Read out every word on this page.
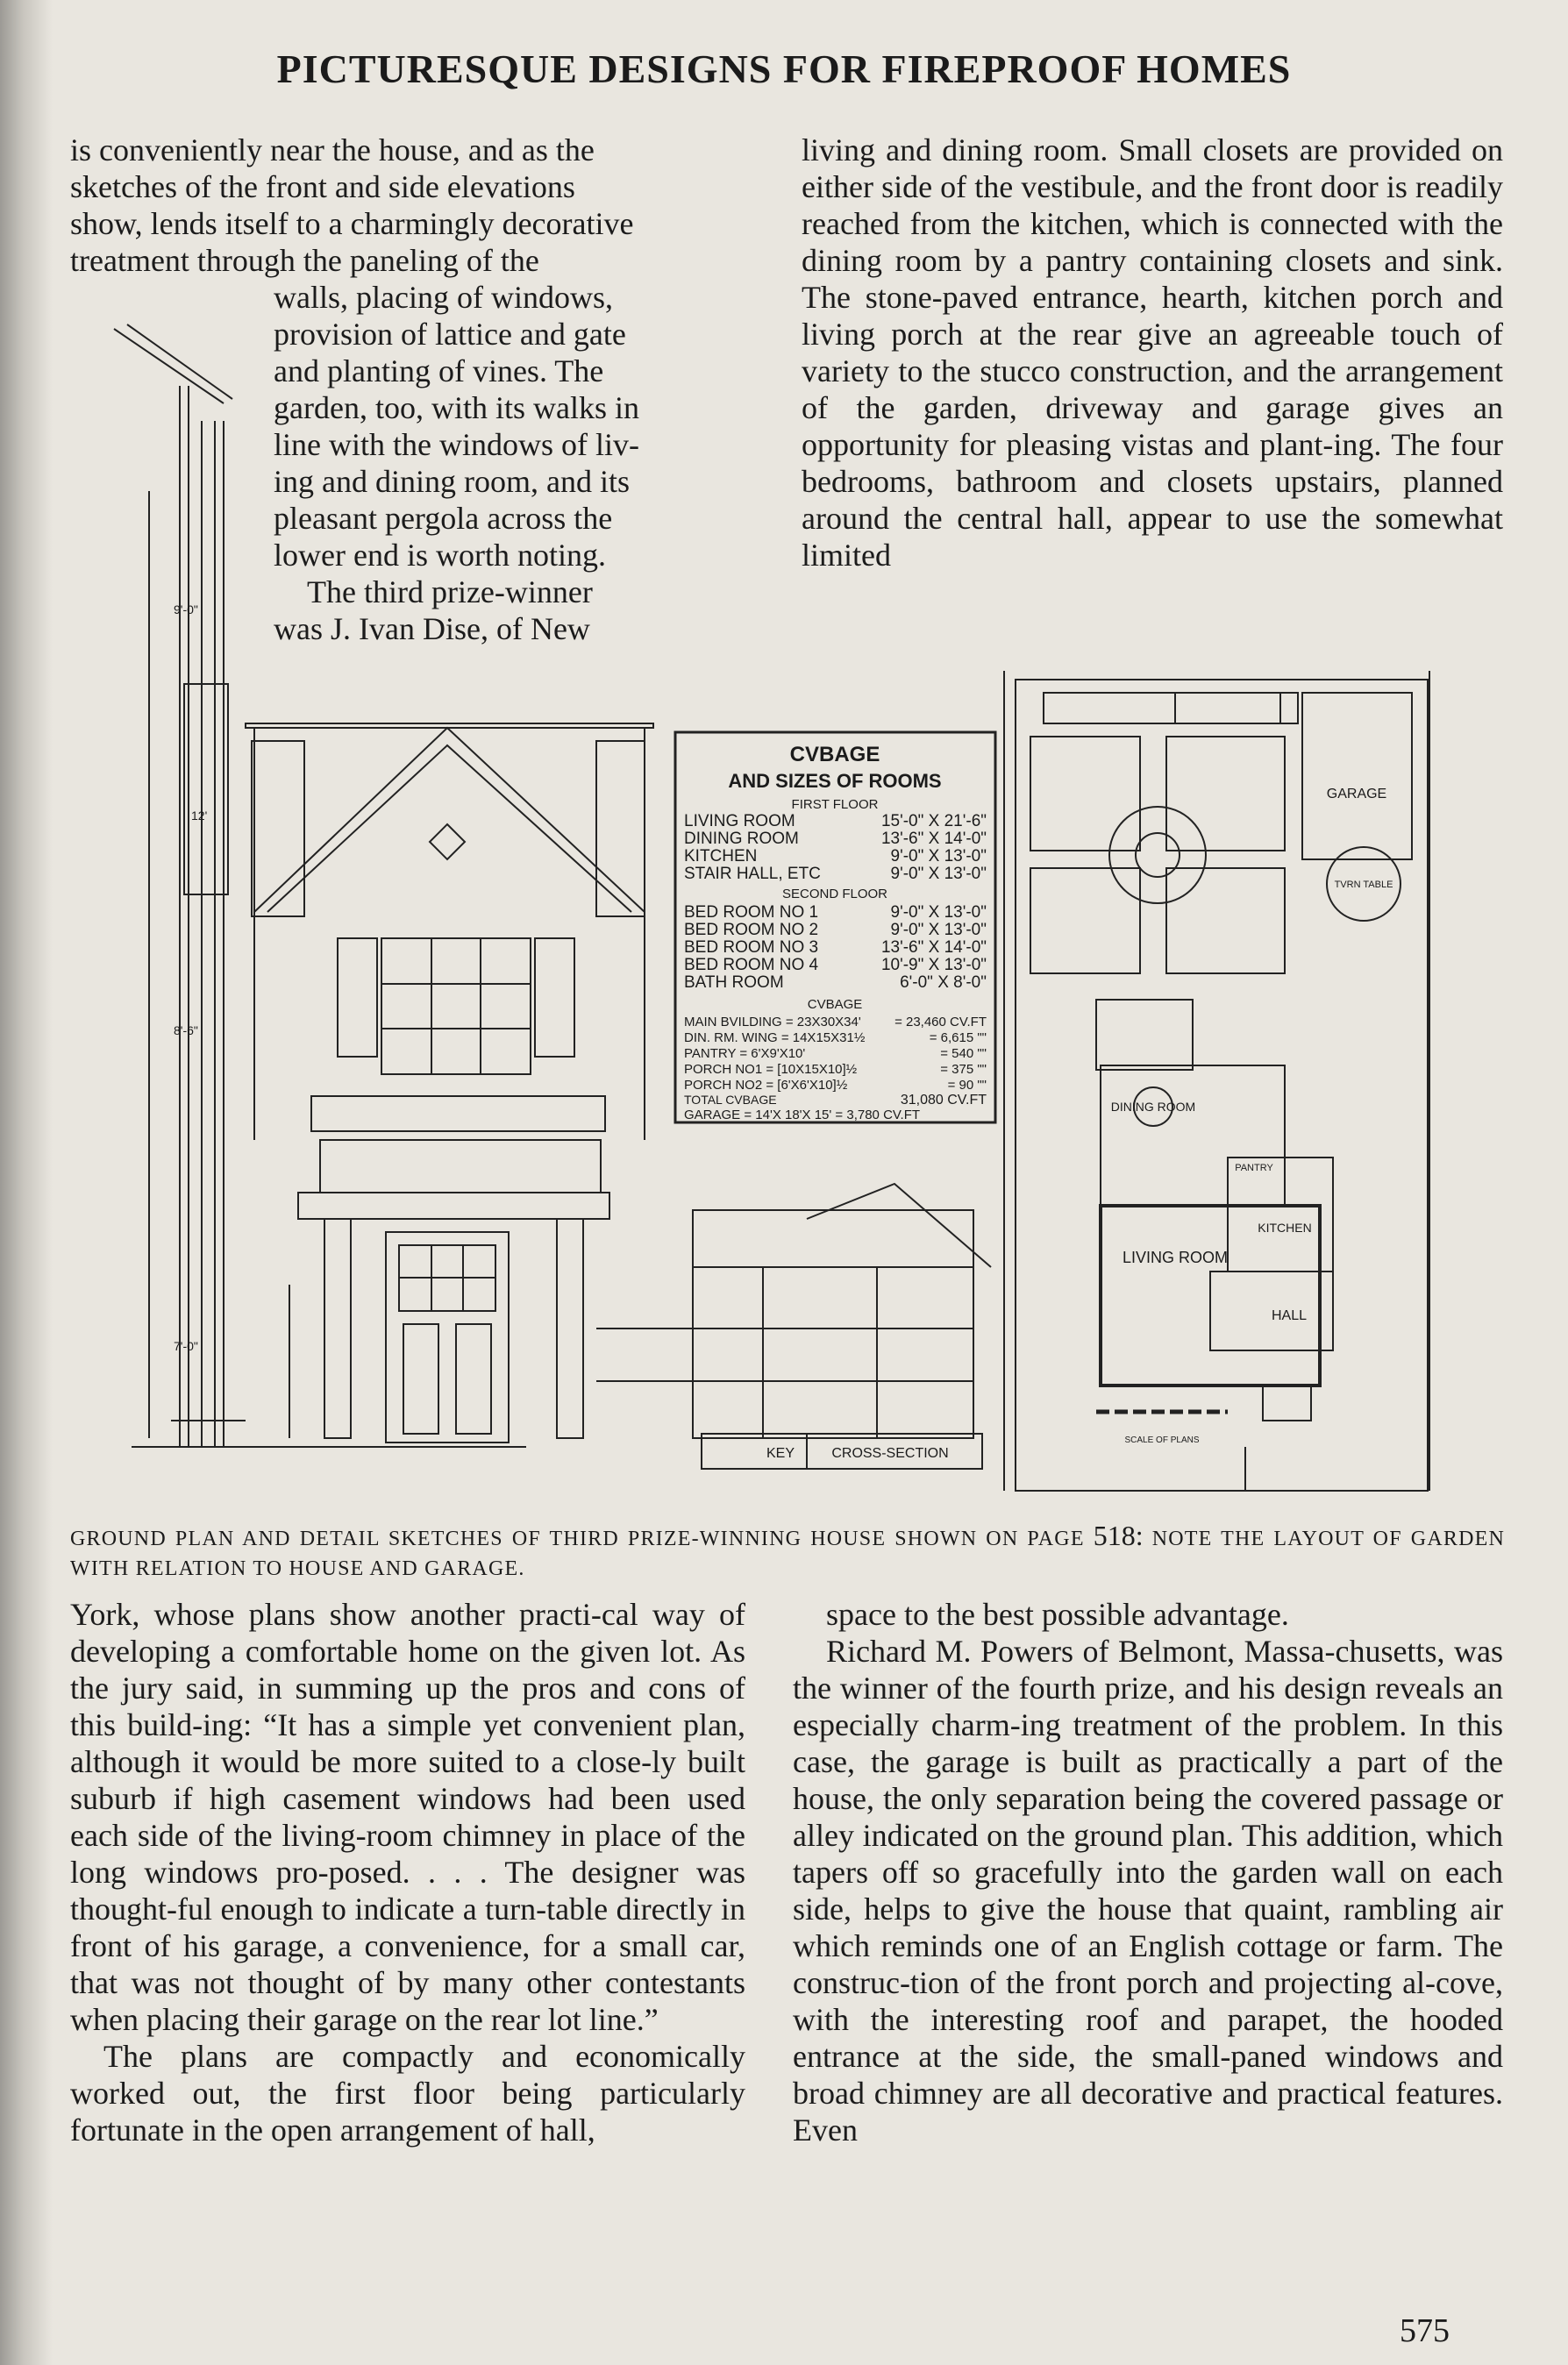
PICTURESQUE DESIGNS FOR FIREPROOF HOMES

is conveniently near the house, and as the

sketches of the front and side elevations

show, lends itself to a charmingly decorative

treatment through the paneling of the

walls, placing of windows,

provision of lattice and gate

and planting of vines. The

garden, too, with its walks in

line with the windows of liv-

ing and dining room, and its

pleasant pergola across the

lower end is worth noting.

The third prize-winner

was J. Ivan Dise, of New

living and dining room. Small closets are provided on either side of the vestibule, and the front door is readily reached from the kitchen, which is connected with the dining room by a pantry containing closets and sink. The stone-paved entrance, hearth, kitchen porch and living porch at the rear give an agreeable touch of variety to the stucco construction, and the arrangement of the garden, driveway and garage gives an opportunity for pleasing vistas and plant-ing. The four bedrooms, bathroom and closets upstairs, planned around the central hall, appear to use the somewhat limited

CVBAGE
AND SIZES OF ROOMS
FIRST FLOOR
LIVING ROOM	15'-0" X 21'-6"
DINING ROOM	13'-6" X 14'-0"
KITCHEN	9'-0" X 13'-0"
STAIR HALL, ETC	9'-0" X 13'-0"
SECOND FLOOR
BED ROOM NO 1	9'-0" X 13'-0"
BED ROOM NO 2	9'-0" X 13'-0"
BED ROOM NO 3	13'-6" X 14'-0"
BED ROOM NO 4	10'-9" X 13'-0"
BATH ROOM	6'-0" X 8'-0"
CVBAGE
MAIN BVILDING = 23X30X34'	= 23,460 CV.FT
DIN. RM. WING = 14X15X31½	= 6,615 ""
PANTRY = 6'X9'X10'	= 540 ""
PORCH NO1 = [10X15X10]½	= 375 ""
PORCH NO2 = [6'X6'X10]½	= 90 ""
TOTAL CVBAGE	31,080 CV.FT
GARAGE = 14'X 18'X 15' = 3,780 CV.FT
GARAGE
TVRN TABLE
DINING ROOM
PANTRY
KITCHEN
LIVING ROOM
HALL
SCALE OF PLANS
KEY	CROSS-SECTION
9'-0"
12'
8'-6"
7'-0"
GROUND PLAN AND DETAIL SKETCHES OF THIRD PRIZE-WINNING HOUSE SHOWN ON PAGE 518: NOTE THE LAYOUT OF GARDEN WITH RELATION TO HOUSE AND GARAGE.

York, whose plans show another practi-cal way of developing a comfortable home on the given lot. As the jury said, in summing up the pros and cons of this build-ing: “It has a simple yet convenient plan, although it would be more suited to a close-ly built suburb if high casement windows had been used each side of the living-room chimney in place of the long windows pro-posed. . . . The designer was thought-ful enough to indicate a turn-table directly in front of his garage, a convenience, for a small car, that was not thought of by many other contestants when placing their garage on the rear lot line.”

The plans are compactly and economically worked out, the first floor being particularly fortunate in the open arrangement of hall,

space to the best possible advantage.

Richard M. Powers of Belmont, Massa-chusetts, was the winner of the fourth prize, and his design reveals an especially charm-ing treatment of the problem. In this case, the garage is built as practically a part of the house, the only separation being the covered passage or alley indicated on the ground plan. This addition, which tapers off so gracefully into the garden wall on each side, helps to give the house that quaint, rambling air which reminds one of an English cottage or farm. The construc-tion of the front porch and projecting al-cove, with the interesting roof and parapet, the hooded entrance at the side, the small-paned windows and broad chimney are all decorative and practical features. Even

575
